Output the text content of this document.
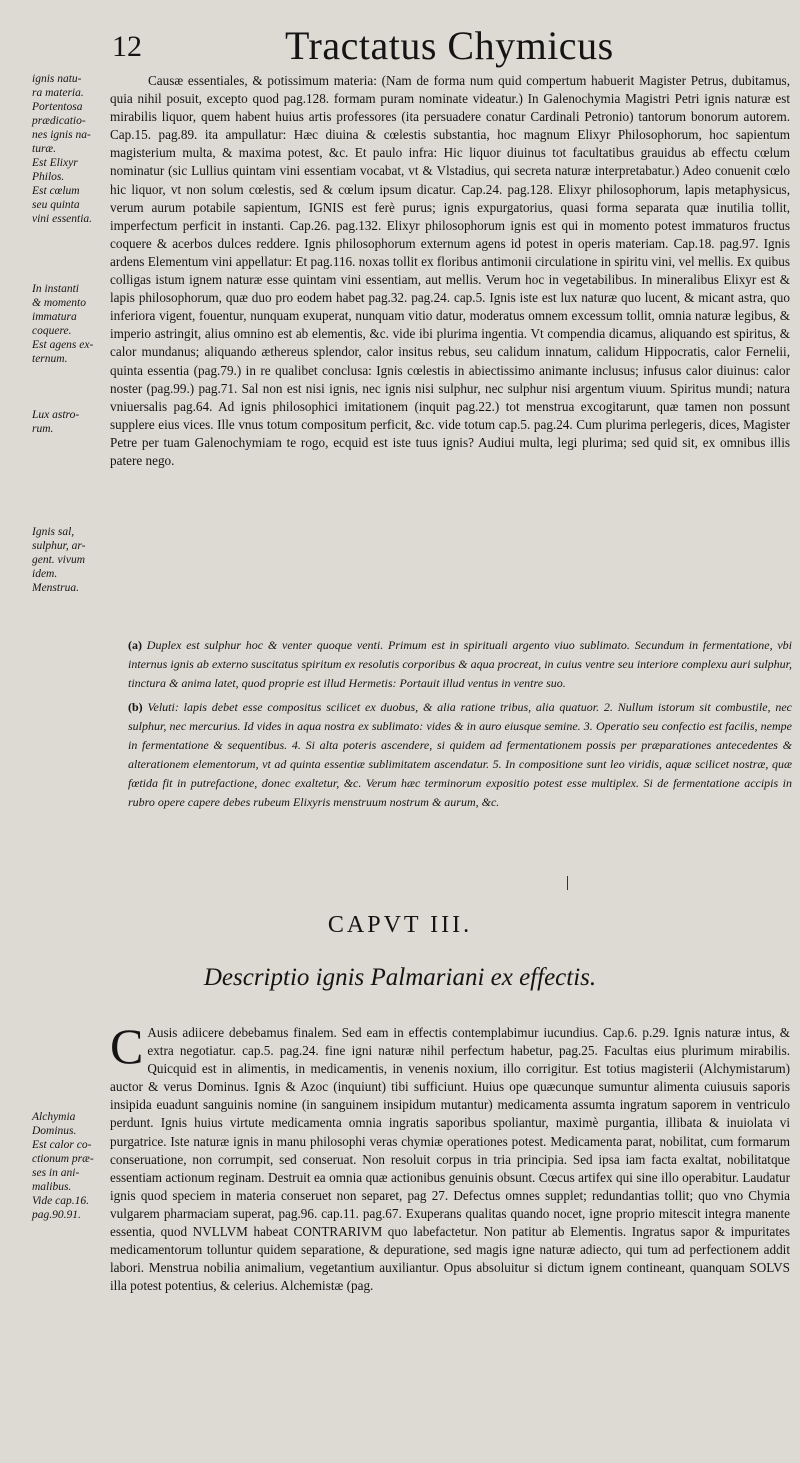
12	Tractatus Chymicus
ignis natu-
ra materia.
Portentosa
prædicatio-
nes ignis na-
turæ.
Est Elixyr
Philos.
Est cœlum
seu quinta
vini essentia.
In instanti
& momento
immatura
coquere.
Est agens ex-
ternum.
Lux astro-
rum.
Ignis sal,
sulphur, ar-
gent. vivum
idem.
Menstrua.
Alchymia
Dominus.
Est calor co-
ctionum præ-
ses in ani-
malibus.
Vide cap.16.
pag.90.91.

Causæ essentiales, & potissimum materia: (Nam de forma num quid compertum habuerit Magister Petrus, dubitamus, quia nihil posuit, excepto quod pag.128. formam puram nominate videatur.) In Galenochymia Magistri Petri ignis naturæ est mirabilis liquor, quem habent huius artis professores (ita persuadere conatur Cardinali Petronio) tantorum bonorum autorem. Cap.15. pag.89. ita ampullatur: Hæc diuina & cœlestis substantia, hoc magnum Elixyr Philosophorum, hoc sapientum magisterium multa, & maxima potest, &c. Et paulo infra: Hic liquor diuinus tot facultatibus grauidus ab effectu cœlum nominatur (sic Lullius quintam vini essentiam vocabat, vt & Vlstadius, qui secreta naturæ interpretabatur.) Adeo conuenit cœlo hic liquor, vt non solum cœlestis, sed & cœlum ipsum dicatur. Cap.24. pag.128. Elixyr philosophorum, lapis metaphysicus, verum aurum potabile sapientum, IGNIS est ferè purus; ignis expurgatorius, quasi forma separata quæ inutilia tollit, imperfectum perficit in instanti. Cap.26. pag.132. Elixyr philosophorum ignis est qui in momento potest immaturos fructus coquere & acerbos dulces reddere. Ignis philosophorum externum agens id potest in operis materiam. Cap.18. pag.97. Ignis ardens Elementum vini appellatur: Et pag.116. noxas tollit ex floribus antimonii circulatione in spiritu vini, vel mellis. Ex quibus colligas istum ignem naturæ esse quintam vini essentiam, aut mellis. Verum hoc in vegetabilibus. In mineralibus Elixyr est & lapis philosophorum, quæ duo pro eodem habet pag.32. pag.24. cap.5. Ignis iste est lux naturæ quo lucent, & micant astra, quo inferiora vigent, fouentur, nunquam exuperat, nunquam vitio datur, moderatus omnem excessum tollit, omnia naturæ legibus, & imperio astringit, alius omnino est ab elementis, &c. vide ibi plurima ingentia. Vt compendia dicamus, aliquando est spiritus, & calor mundanus; aliquando æthereus splendor, calor insitus rebus, seu calidum innatum, calidum Hippocratis, calor Fernelii, quinta essentia (pag.79.) in re qualibet conclusa: Ignis cœlestis in abiectissimo animante inclusus; infusus calor diuinus: calor noster (pag.99.) pag.71. Sal non est nisi ignis, nec ignis nisi sulphur, nec sulphur nisi argentum viuum. Spiritus mundi; natura vniuersalis pag.64. Ad ignis philosophici imitationem (inquit pag.22.) tot menstrua excogitarunt, quæ tamen non possunt supplere eius vices. Ille vnus totum compositum perficit, &c. vide totum cap.5. pag.24. Cum plurima perlegeris, dices, Magister Petre per tuam Galenochymiam te rogo, ecquid est iste tuus ignis? Audiui multa, legi plurima; sed quid sit, ex omnibus illis patere nego.

(a) Duplex est sulphur hoc & venter quoque venti. Primum est in spirituali argento viuo sublimato. Secundum in fermentatione, vbi internus ignis ab externo suscitatus spiritum ex resolutis corporibus & aqua procreat, in cuius ventre seu interiore complexu auri sulphur, tinctura & anima latet, quod proprie est illud Hermetis: Portauit illud ventus in ventre suo.

(b) Veluti: lapis debet esse compositus scilicet ex duobus, & alia ratione tribus, alia quatuor. 2. Nullum istorum sit combustile, nec sulphur, nec mercurius. Id vides in aqua nostra ex sublimato: vides & in auro eiusque semine. 3. Operatio seu confectio est facilis, nempe in fermentatione & sequentibus. 4. Si alta poteris ascendere, si quidem ad fermentationem possis per præparationes antecedentes & alterationem elementorum, vt ad quinta essentiæ sublimitatem ascendatur. 5. In compositione sunt leo viridis, aquæ scilicet nostræ, quæ fœtida fit in putrefactione, donec exaltetur, &c. Verum hæc terminorum expositio potest esse multiplex. Si de fermentatione accipis in rubro opere capere debes rubeum Elixyris menstruum nostrum & aurum, &c.

CAPVT III.
Descriptio ignis Palmariani ex effectis.
C Ausis adiicere debebamus finalem. Sed eam in effectis contemplabimur iucundius. Cap.6. p.29. Ignis naturæ intus, & extra negotiatur. cap.5. pag.24. fine igni naturæ nihil perfectum habetur, pag.25. Facultas eius plurimum mirabilis. Quicquid est in alimentis, in medicamentis, in venenis noxium, illo corrigitur. Est totius magisterii (Alchymistarum) auctor & verus Dominus. Ignis & Azoc (inquiunt) tibi sufficiunt. Huius ope quæcunque sumuntur alimenta cuiusuis saporis insipida euadunt sanguinis nomine (in sanguinem insipidum mutantur) medicamenta assumta ingratum saporem in ventriculo perdunt. Ignis huius virtute medicamenta omnia ingratis saporibus spoliantur, maximè purgantia, illibata & inuiolata vi purgatrice. Iste naturæ ignis in manu philosophi veras chymiæ operationes potest. Medicamenta parat, nobilitat, cum formarum conseruatione, non corrumpit, sed conseruat. Non resoluit corpus in tria principia. Sed ipsa iam facta exaltat, nobilitatque essentiam actionum reginam. Destruit ea omnia quæ actionibus genuinis obsunt. Cœcus artifex qui sine illo operabitur. Laudatur ignis quod speciem in materia conseruet non separet, pag 27. Defectus omnes supplet; redundantias tollit; quo vno Chymia vulgarem pharmaciam superat, pag.96. cap.11. pag.67. Exuperans qualitas quando nocet, igne proprio mitescit integra manente essentia, quod NVLLVM habeat CONTRARIVM quo labefactetur. Non patitur ab Elementis. Ingratus sapor & impuritates medicamentorum tolluntur quidem separatione, & depuratione, sed magis igne naturæ adiecto, qui tum ad perfectionem addit labori. Menstrua nobilia animalium, vegetantium auxiliantur. Opus absoluitur si dictum ignem contineant, quanquam SOLVS illa potest potentius, & celerius. Alchemistæ (pag.
